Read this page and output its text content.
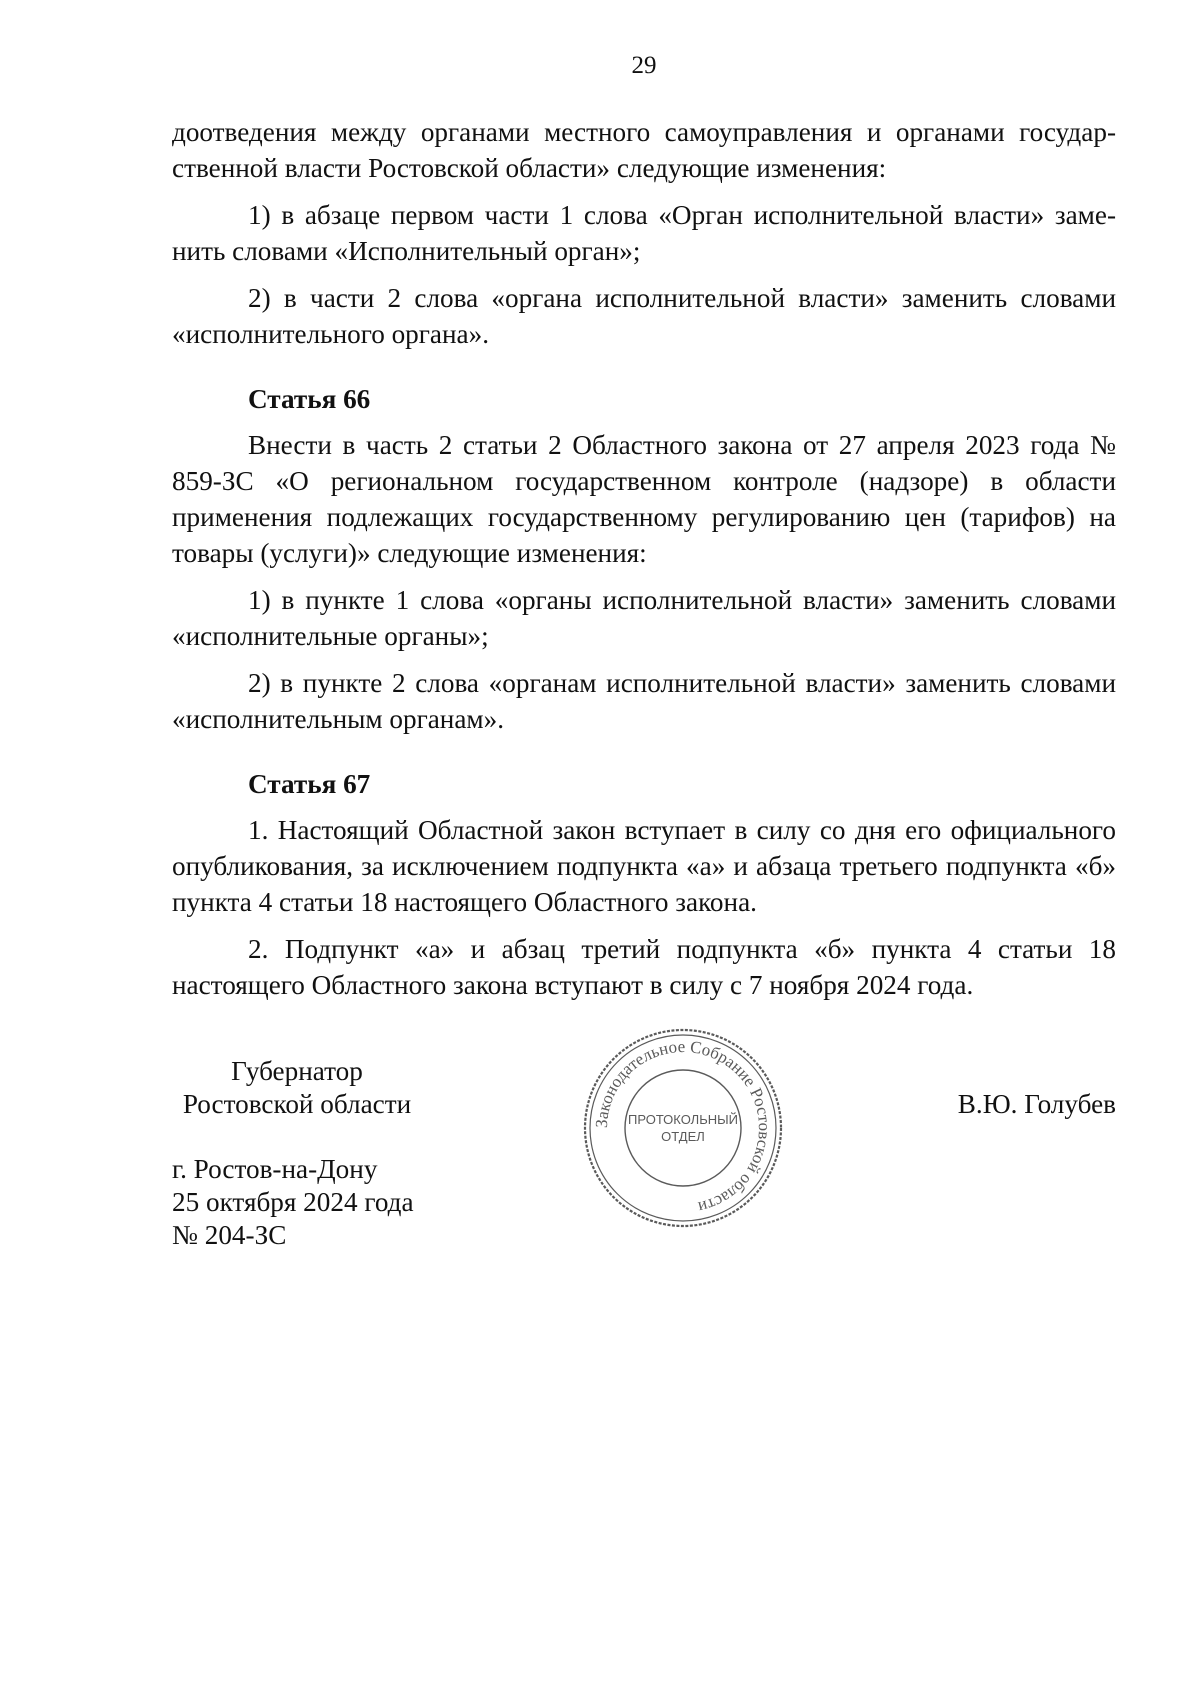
29

доотведения между органами местного самоуправления и органами государственной власти Ростовской области» следующие изменения:

1) в абзаце первом части 1 слова «Орган исполнительной власти» заменить словами «Исполнительный орган»;

2) в части 2 слова «органа исполнительной власти» заменить словами «исполнительного органа».

Статья 66

Внести в часть 2 статьи 2 Областного закона от 27 апреля 2023 года № 859-ЗС «О региональном государственном контроле (надзоре) в области применения подлежащих государственному регулированию цен (тарифов) на товары (услуги)» следующие изменения:

1) в пункте 1 слова «органы исполнительной власти» заменить словами «исполнительные органы»;

2) в пункте 2 слова «органам исполнительной власти» заменить словами «исполнительным органам».

Статья 67

1. Настоящий Областной закон вступает в силу со дня его официального опубликования, за исключением подпункта «а» и абзаца третьего подпункта «б» пункта 4 статьи 18 настоящего Областного закона.

2. Подпункт «а» и абзац третий подпункта «б» пункта 4 статьи 18 настоящего Областного закона вступают в силу с 7 ноября 2024 года.

Губернатор
Ростовской области	В.Ю. Голубев
г. Ростов-на-Дону
25 октября 2024 года
№ 204-ЗС
Законодательное Собрание Ростовской области
ПРОТОКОЛЬНЫЙ
ОТДЕЛ
